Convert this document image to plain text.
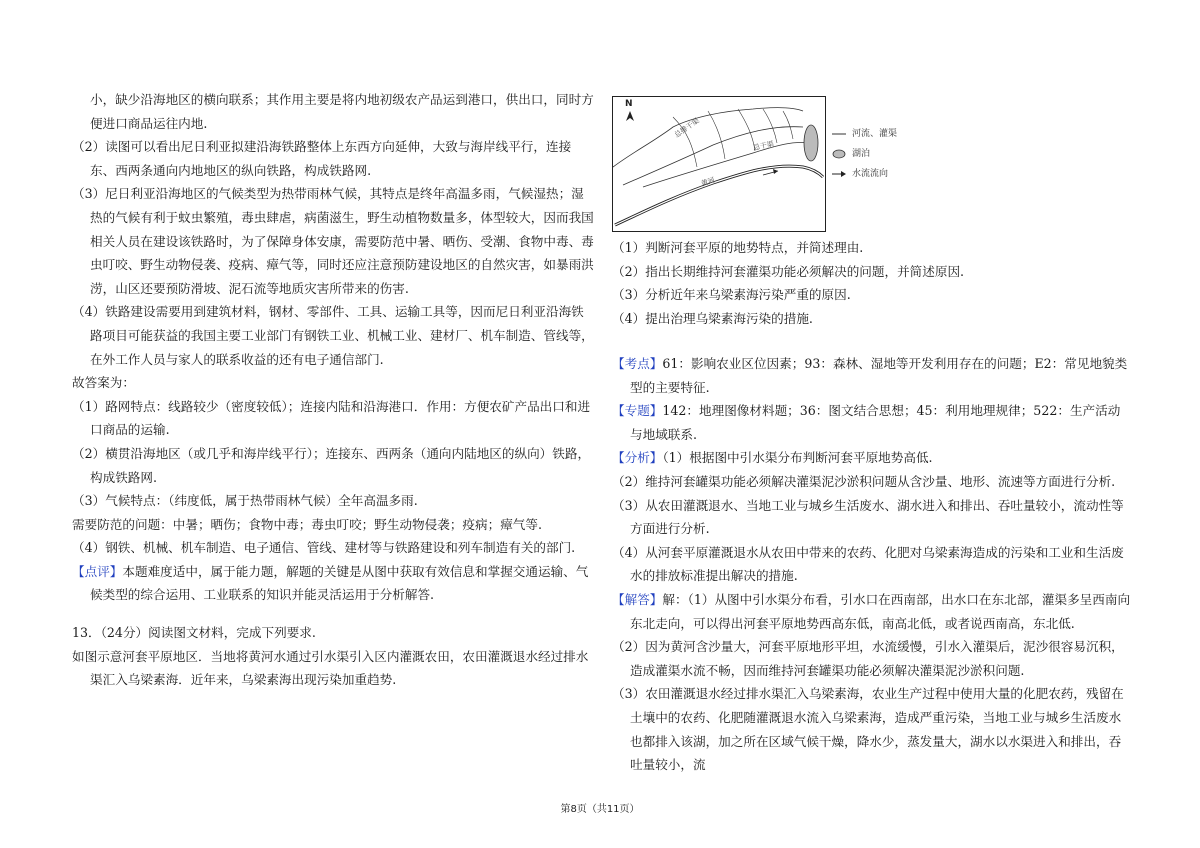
小，缺少沿海地区的横向联系；其作用主要是将内地初级农产品运到港口，供出口，同时方便进口商品运往内地.

（2）读图可以看出尼日利亚拟建沿海铁路整体上东西方向延伸，大致与海岸线平行，连接东、西两条通向内地地区的纵向铁路，构成铁路网.

（3）尼日利亚沿海地区的气候类型为热带雨林气候，其特点是终年高温多雨，气候湿热；湿热的气候有利于蚊虫繁殖，毒虫肆虐，病菌滋生，野生动植物数量多，体型较大，因而我国相关人员在建设该铁路时，为了保障身体安康，需要防范中暑、晒伤、受潮、食物中毒、毒虫叮咬、野生动物侵袭、疫病、瘴气等，同时还应注意预防建设地区的自然灾害，如暴雨洪涝，山区还要预防滑坡、泥石流等地质灾害所带来的伤害.

（4）铁路建设需要用到建筑材料，钢材、零部件、工具、运输工具等，因而尼日利亚沿海铁路项目可能获益的我国主要工业部门有钢铁工业、机械工业、建材厂、机车制造、管线等，在外工作人员与家人的联系收益的还有电子通信部门.

故答案为：

（1）路网特点：线路较少（密度较低）；连接内陆和沿海港口．作用：方便农矿产品出口和进口商品的运输.

（2）横贯沿海地区（或几乎和海岸线平行）；连接东、西两条（通向内陆地区的纵向）铁路，构成铁路网.

（3）气候特点：（纬度低，属于热带雨林气候）全年高温多雨.

需要防范的问题：中暑；晒伤；食物中毒；毒虫叮咬；野生动物侵袭；疫病；瘴气等.

（4）钢铁、机械、机车制造、电子通信、管线、建材等与铁路建设和列车制造有关的部门.

【点评】本题难度适中，属于能力题，解题的关键是从图中获取有效信息和掌握交通运输、气候类型的综合运用、工业联系的知识并能灵活运用于分析解答.

13．（24分）阅读图文材料，完成下列要求.

如图示意河套平原地区．当地将黄河水通过引水渠引入区内灌溉农田，农田灌溉退水经过排水渠汇入乌梁素海．近年来，乌梁素海出现污染加重趋势.

N
总排干渠
总干渠
黄河
河流、灌渠
湖泊
水流流向

（1）判断河套平原的地势特点，并简述理由.

（2）指出长期维持河套灌渠功能必须解决的问题，并简述原因.

（3）分析近年来乌梁素海污染严重的原因.

（4）提出治理乌梁素海污染的措施.

【考点】61：影响农业区位因素；93：森林、湿地等开发利用存在的问题；E2：常见地貌类型的主要特征.

【专题】142：地理图像材料题；36：图文结合思想；45：利用地理规律；522：生产活动与地域联系.

【分析】（1）根据图中引水渠分布判断河套平原地势高低.

（2）维持河套罐渠功能必须解决灌渠泥沙淤积问题从含沙量、地形、流速等方面进行分析.

（3）从农田灌溉退水、当地工业与城乡生活废水、湖水进入和排出、吞吐量较小，流动性等方面进行分析.

（4）从河套平原灌溉退水从农田中带来的农药、化肥对乌梁素海造成的污染和工业和生活废水的排放标准提出解决的措施.

【解答】解：（1）从图中引水渠分布看，引水口在西南部，出水口在东北部，灌渠多呈西南向东北走向，可以得出河套平原地势西高东低，南高北低，或者说西南高，东北低.

（2）因为黄河含沙量大，河套平原地形平坦，水流缓慢，引水入灌渠后，泥沙很容易沉积，造成灌渠水流不畅，因而维持河套罐渠功能必须解决灌渠泥沙淤积问题.

（3）农田灌溉退水经过排水渠汇入乌梁素海，农业生产过程中使用大量的化肥农药，残留在土壤中的农药、化肥随灌溉退水流入乌梁素海，造成严重污染，当地工业与城乡生活废水也都排入该湖，加之所在区域气候干燥，降水少，蒸发量大，湖水以水渠进入和排出，吞吐量较小，流

第8页（共11页）
